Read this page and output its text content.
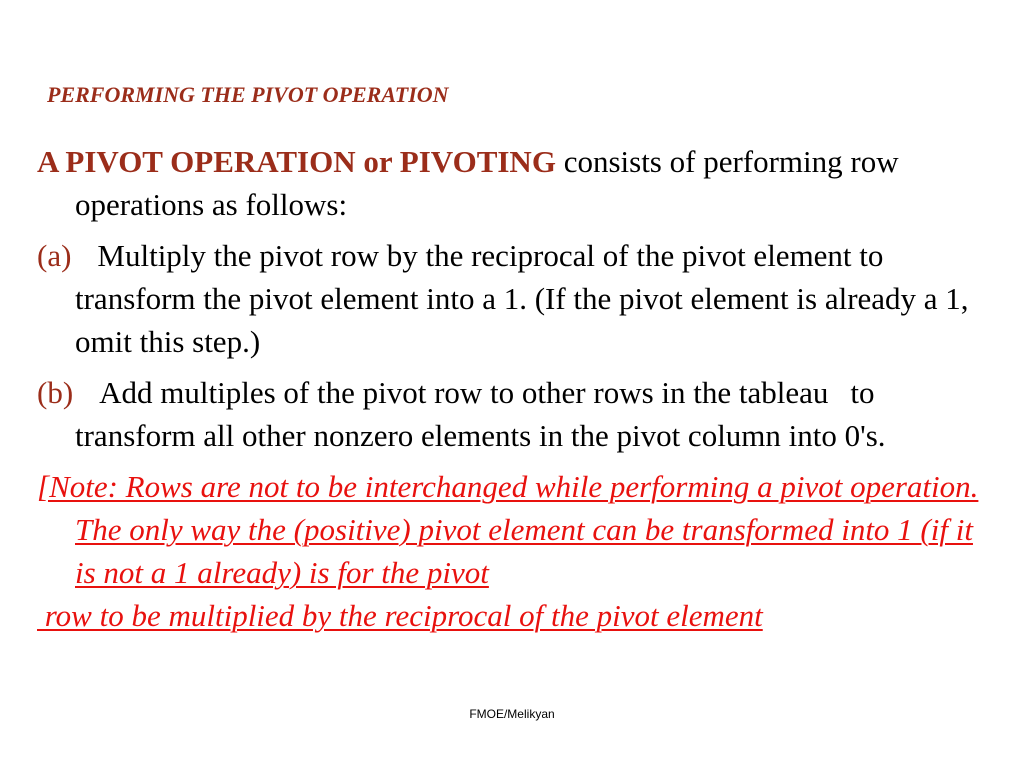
PERFORMING THE PIVOT OPERATION

A PIVOT OPERATION or PIVOTING consists of performing row operations as follows:

(a) Multiply the pivot row by the reciprocal of the pivot element to transform the pivot element into a 1. (If the pivot element is already a 1, omit this step.)

(b) Add multiples of the pivot row to other rows in the tableau to transform all other nonzero elements in the pivot column into 0's.

[Note: Rows are not to be interchanged while performing a pivot operation. The only way the (positive) pivot element can be transformed into 1 (if it is not a 1 already) is for the pivot
row to be multiplied by the reciprocal of the pivot element
FMOE/Melikyan
